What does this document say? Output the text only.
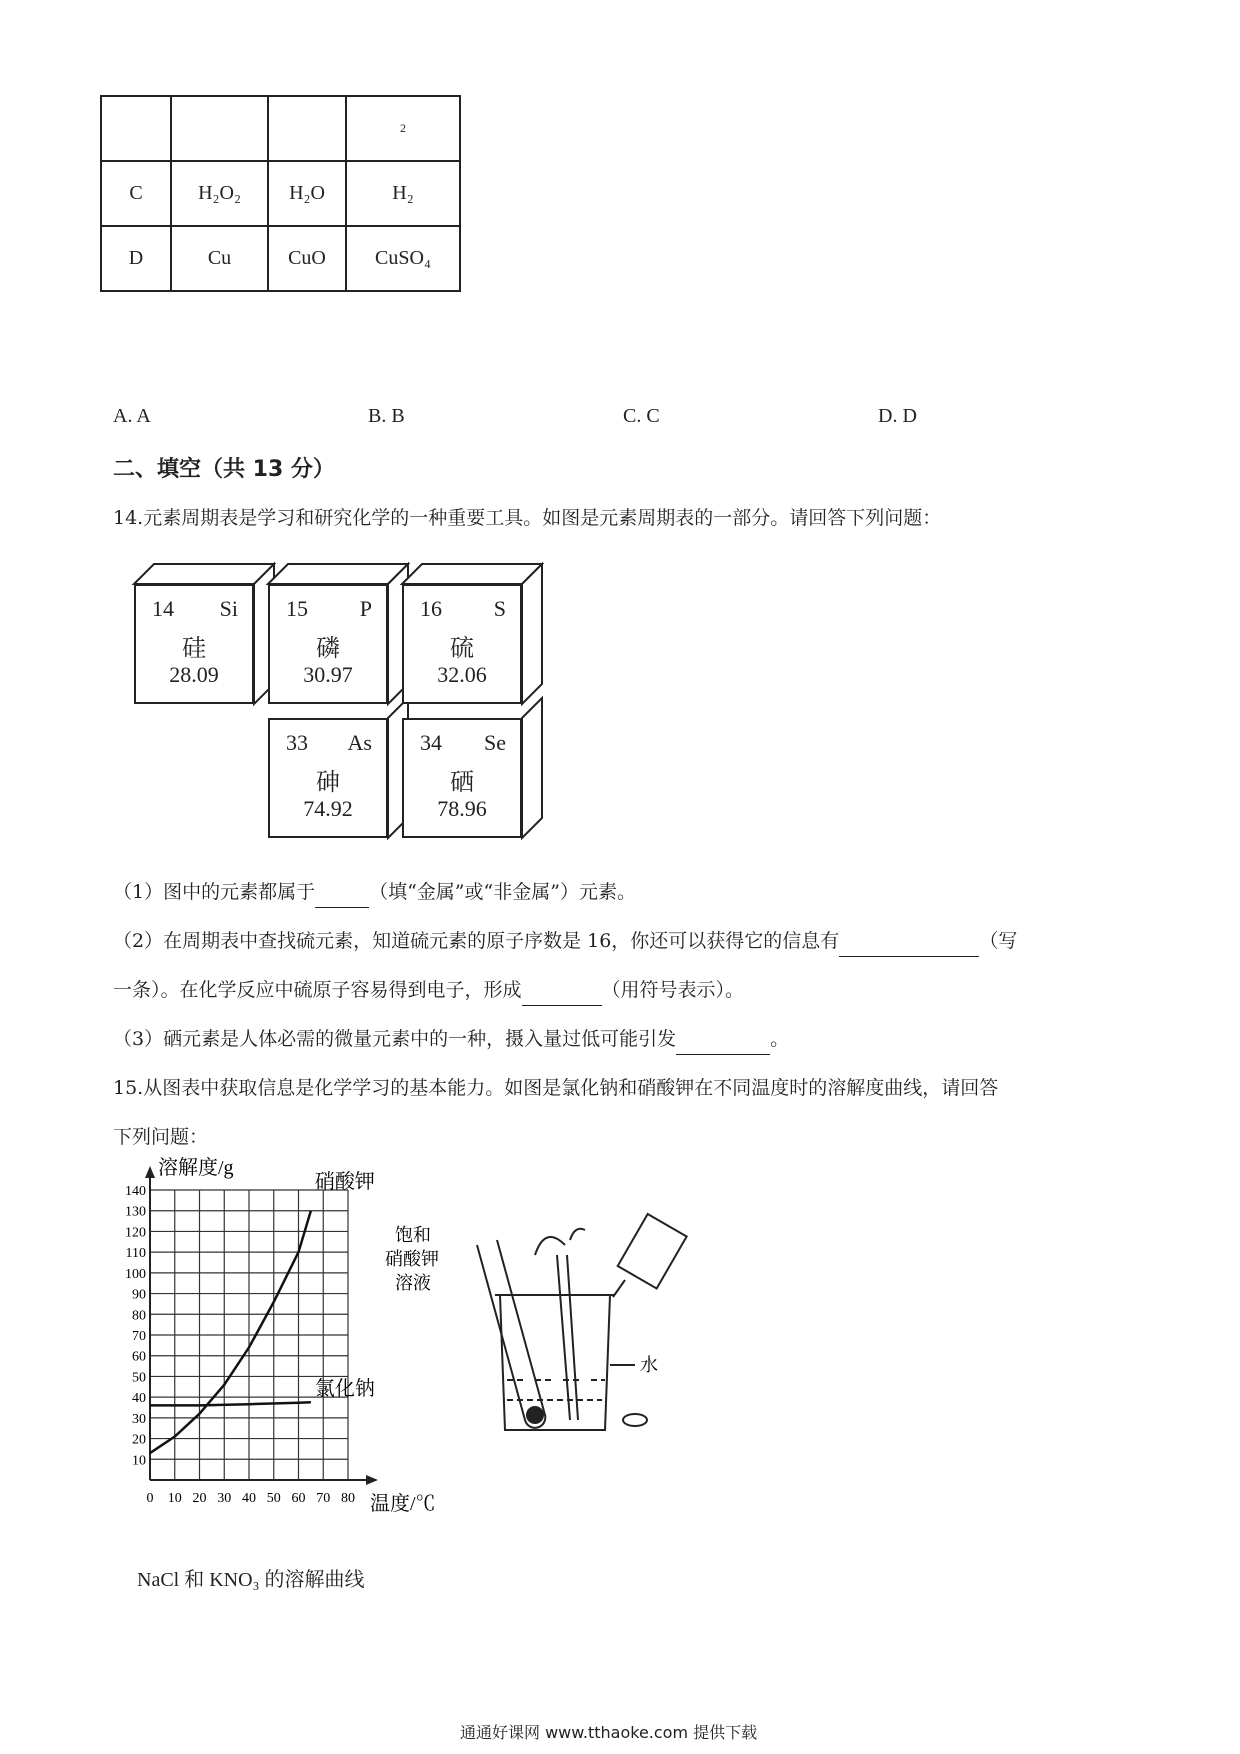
			2
C	H₂O₂	H₂O	H₂
D	Cu	CuO	CuSO₄
A. A	B. B	C. C	D. D
二、填空（共 13 分）
14.元素周期表是学习和研究化学的一种重要工具。如图是元素周期表的一部分。请回答下列问题：
14 Si
硅
28.09
15 P
磷
30.97
16 S
硫
32.06
33 As
砷
74.92
34 Se
硒
78.96
（1）图中的元素都属于	（填“金属”或“非金属”）元素。
（2）在周期表中查找硫元素，知道硫元素的原子序数是 16，你还可以获得它的信息有	（写
一条）。在化学反应中硫原子容易得到电子，形成	（用符号表示）。
（3）硒元素是人体必需的微量元素中的一种，摄入量过低可能引发	。
15.从图表中获取信息是化学学习的基本能力。如图是氯化钠和硝酸钾在不同温度时的溶解度曲线，请回答
下列问题：
0 10 20 30 40 50 60 70 80
10
20
30
40
50
60
70
80
90
100
110
120
130
140
溶解度/g
温度/℃
硝酸钾
氯化钠
NaCl 和 KNO₃ 的溶解曲线
饱和
硝酸钾
溶液
水
通通好课网 www.tthaoke.com 提供下载
